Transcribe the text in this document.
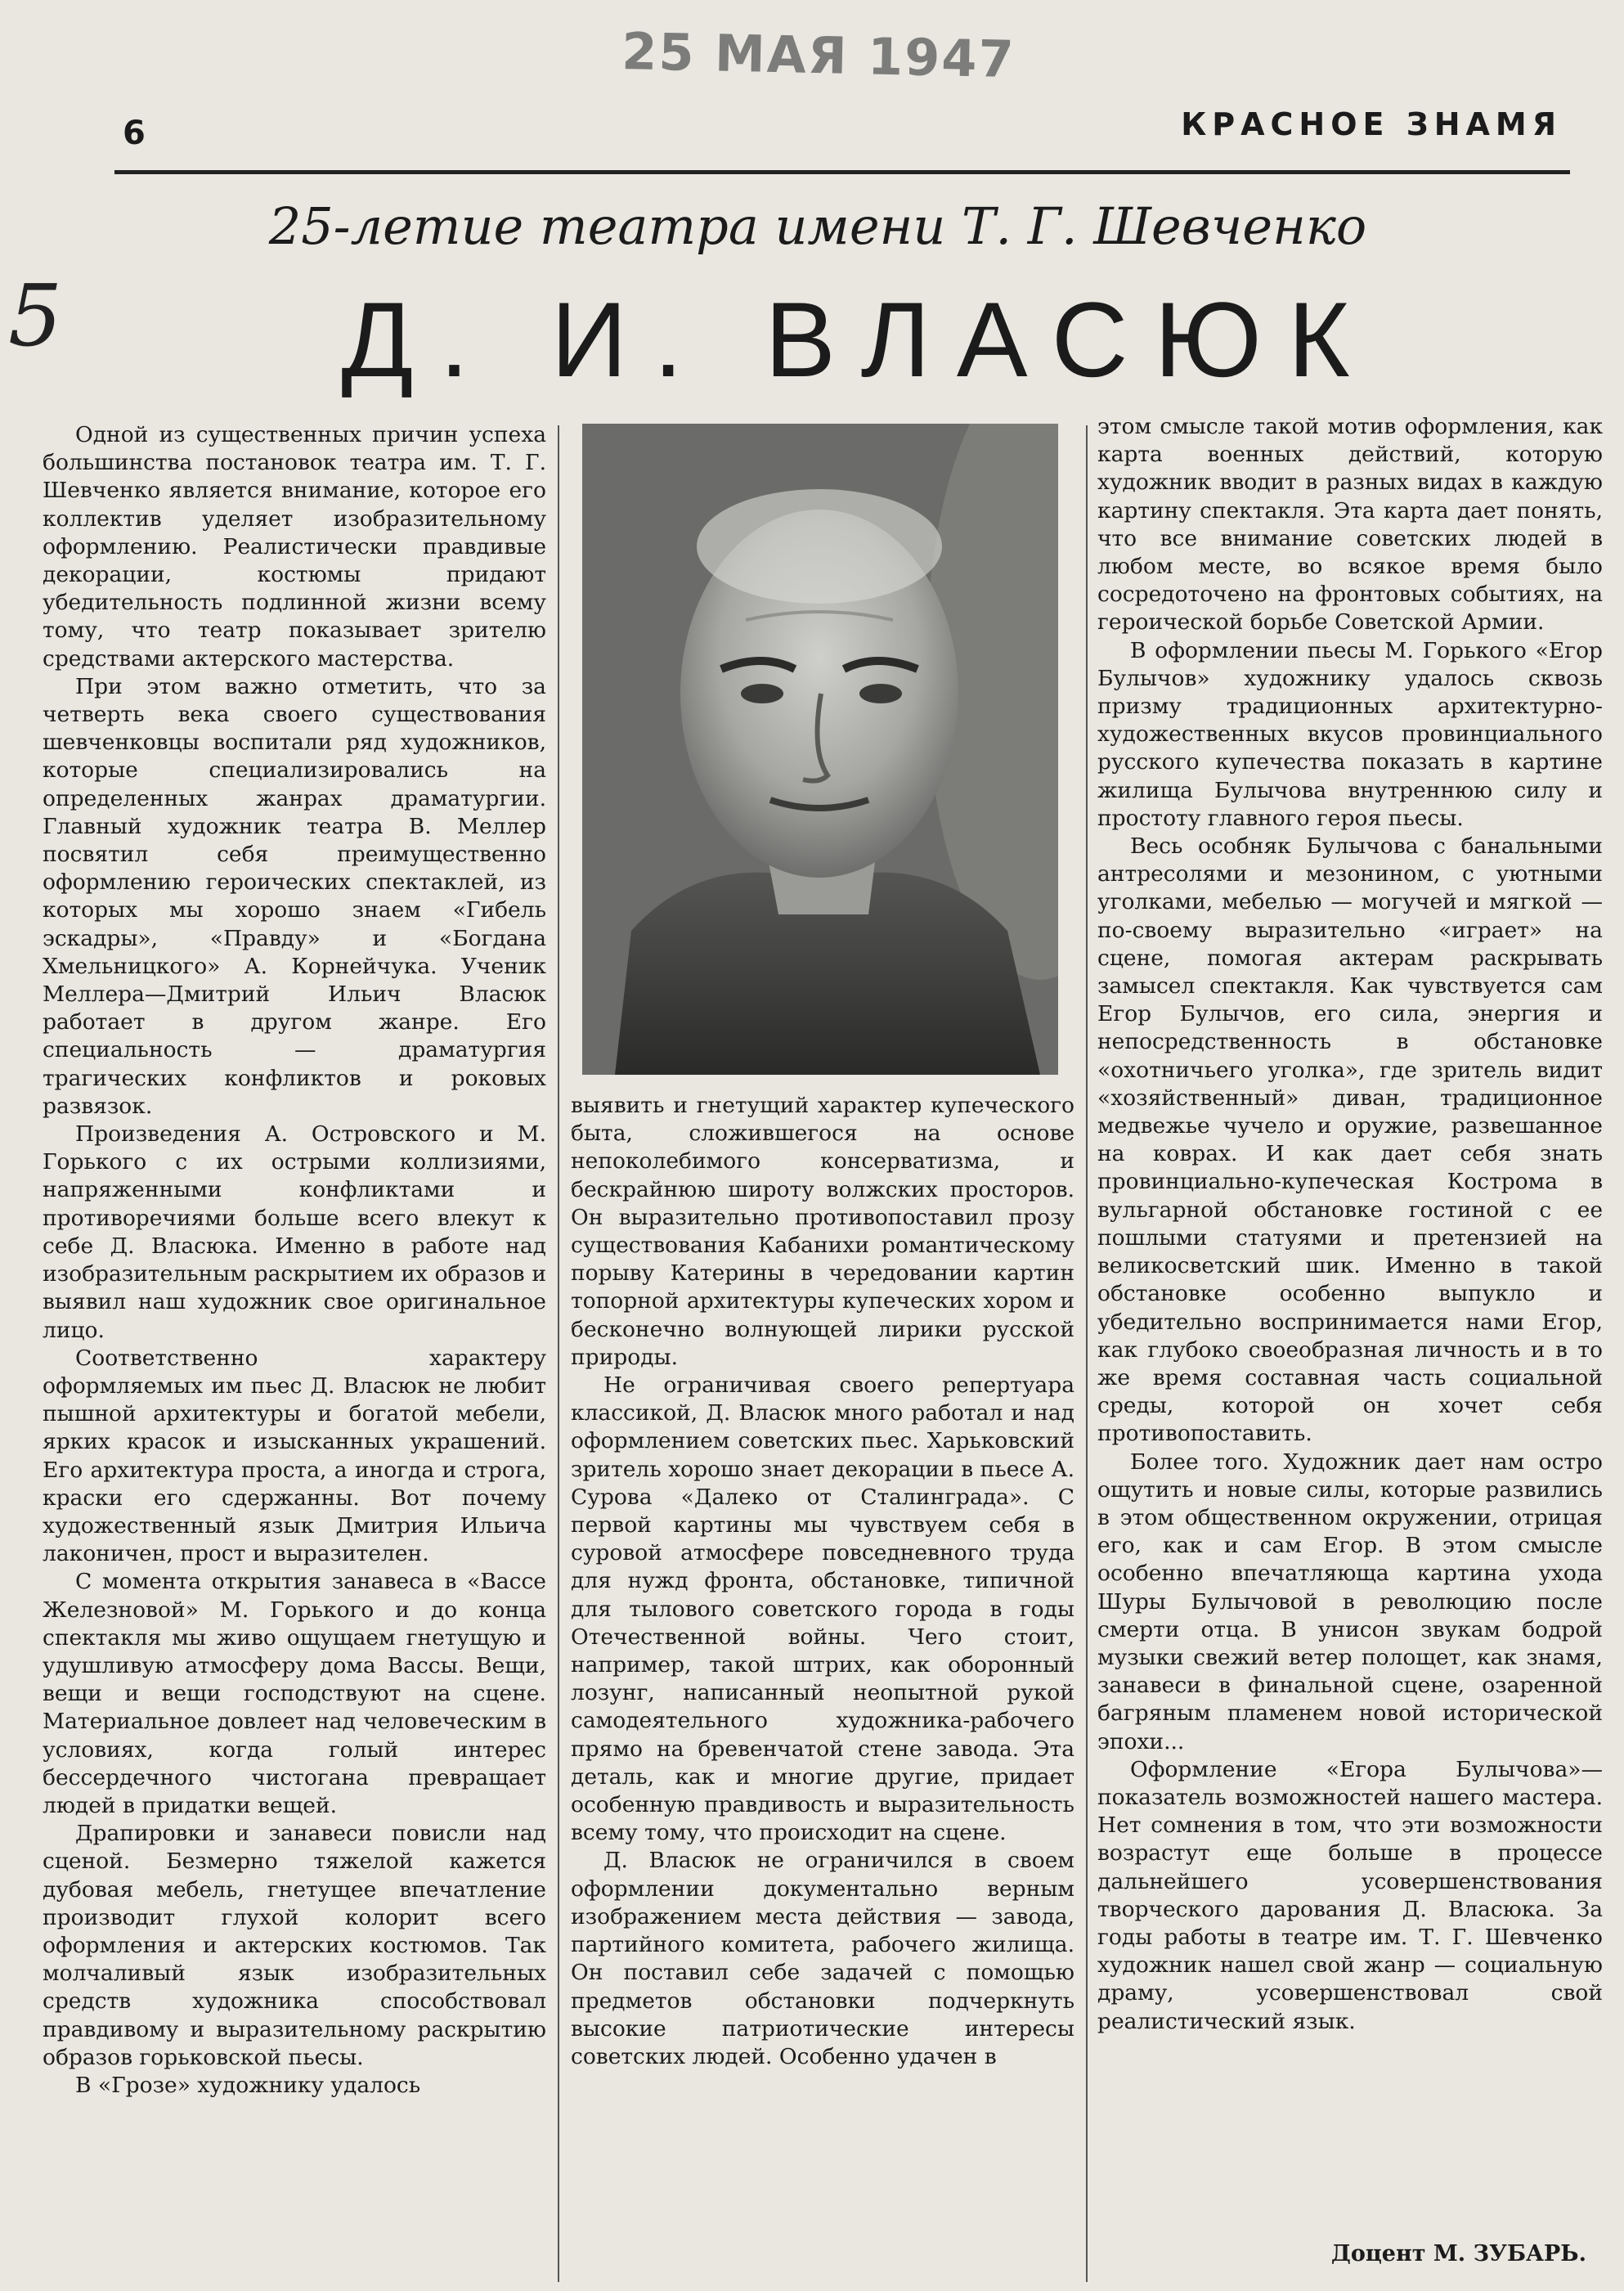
25 МАЯ 1947
6	КРАСНОЕ ЗНАМЯ
25-летие театра имени Т. Г. Шевченко
5	Д. И. ВЛАСЮК

Одной из существенных причин успеха большинства постановок театра им. Т. Г. Шевченко является внимание, которое его коллектив уделяет изобразительному оформлению. Реалистически правдивые декорации, костюмы придают убедительность подлинной жизни всему тому, что театр показывает зрителю средствами актерского мастерства.

При этом важно отметить, что за четверть века своего существования шевченковцы воспитали ряд художников, которые специализировались на определенных жанрах драматургии. Главный художник театра В. Меллер посвятил себя преимущественно оформлению героических спектаклей, из которых мы хорошо знаем «Гибель эскадры», «Правду» и «Богдана Хмельницкого» А. Корнейчука. Ученик Меллера—Дмитрий Ильич Власюк работает в другом жанре. Его специальность — драматургия трагических конфликтов и роковых развязок.

Произведения А. Островского и М. Горького с их острыми коллизиями, напряженными конфликтами и противоречиями больше всего влекут к себе Д. Власюка. Именно в работе над изобразительным раскрытием их образов и выявил наш художник свое оригинальное лицо.

Соответственно характеру оформляемых им пьес Д. Власюк не любит пышной архитектуры и богатой мебели, ярких красок и изысканных украшений. Его архитектура проста, а иногда и строга, краски его сдержанны. Вот почему художественный язык Дмитрия Ильича лаконичен, прост и выразителен.

С момента открытия занавеса в «Вассе Железновой» М. Горького и до конца спектакля мы живо ощущаем гнетущую и удушливую атмосферу дома Вассы. Вещи, вещи и вещи господствуют на сцене. Материальное довлеет над человеческим в условиях, когда голый интерес бессердечного чистогана превращает людей в придатки вещей.

Драпировки и занавеси повисли над сценой. Безмерно тяжелой кажется дубовая мебель, гнетущее впечатление производит глухой колорит всего оформления и актерских костюмов. Так молчаливый язык изобразительных средств художника способствовал правдивому и выразительному раскрытию образов горьковской пьесы.

В «Грозе» художнику удалось

выявить и гнетущий характер купеческого быта, сложившегося на основе непоколебимого консерватизма, и бескрайнюю широту волжских просторов. Он выразительно противопоставил прозу существования Кабанихи романтическому порыву Катерины в чередовании картин топорной архитектуры купеческих хором и бесконечно волнующей лирики русской природы.

Не ограничивая своего репертуара классикой, Д. Власюк много работал и над оформлением советских пьес. Харьковский зритель хорошо знает декорации в пьесе А. Сурова «Далеко от Сталинграда». С первой картины мы чувствуем себя в суровой атмосфере повседневного труда для нужд фронта, обстановке, типичной для тылового советского города в годы Отечественной войны. Чего стоит, например, такой штрих, как оборонный лозунг, написанный неопытной рукой самодеятельного художника-рабочего прямо на бревенчатой стене завода. Эта деталь, как и многие другие, придает особенную правдивость и выразительность всему тому, что происходит на сцене.

Д. Власюк не ограничился в своем оформлении документально верным изображением места действия — завода, партийного комитета, рабочего жилища. Он поставил себе задачей с помощью предметов обстановки подчеркнуть высокие патриотические интересы советских людей. Особенно удачен в

этом смысле такой мотив оформления, как карта военных действий, которую художник вводит в разных видах в каждую картину спектакля. Эта карта дает понять, что все внимание советских людей в любом месте, во всякое время было сосредоточено на фронтовых событиях, на героической борьбе Советской Армии.

В оформлении пьесы М. Горького «Егор Булычов» художнику удалось сквозь призму традиционных архитектурно-художественных вкусов провинциального русского купечества показать в картине жилища Булычова внутреннюю силу и простоту главного героя пьесы.

Весь особняк Булычова с банальными антресолями и мезонином, с уютными уголками, мебелью — могучей и мягкой — по-своему выразительно «играет» на сцене, помогая актерам раскрывать замысел спектакля. Как чувствуется сам Егор Булычов, его сила, энергия и непосредственность в обстановке «охотничьего уголка», где зритель видит «хозяйственный» диван, традиционное медвежье чучело и оружие, развешанное на коврах. И как дает себя знать провинциально-купеческая Кострома в вульгарной обстановке гостиной с ее пошлыми статуями и претензией на великосветский шик. Именно в такой обстановке особенно выпукло и убедительно воспринимается нами Егор, как глубоко своеобразная личность и в то же время составная часть социальной среды, которой он хочет себя противопоставить.

Более того. Художник дает нам остро ощутить и новые силы, которые развились в этом общественном окружении, отрицая его, как и сам Егор. В этом смысле особенно впечатляюща картина ухода Шуры Булычовой в революцию после смерти отца. В унисон звукам бодрой музыки свежий ветер полощет, как знамя, занавеси в финальной сцене, озаренной багряным пламенем новой исторической эпохи...

Оформление «Егора Булычова»—показатель возможностей нашего мастера. Нет сомнения в том, что эти возможности возрастут еще больше в процессе дальнейшего усовершенствования творческого дарования Д. Власюка. За годы работы в театре им. Т. Г. Шевченко художник нашел свой жанр — социальную драму, усовершенствовал свой реалистический язык.

Доцент М. ЗУБАРЬ.
